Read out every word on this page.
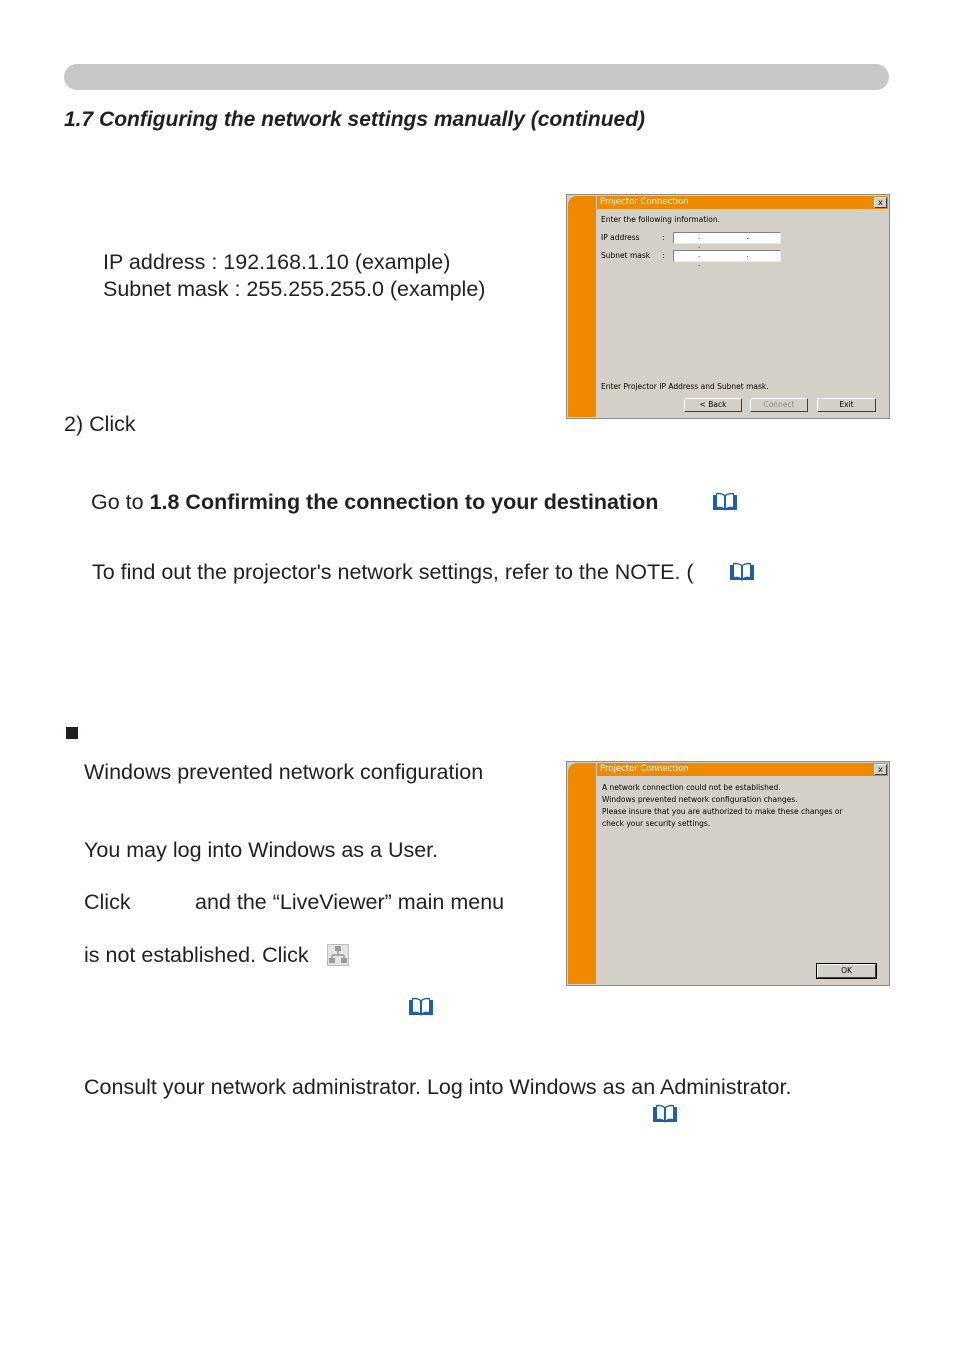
1.7 Configuring the network settings manually (continued)
IP address : 192.168.1.10 (example)
Subnet mask : 255.255.255.0 (example)
2) Click
Projector Connection	x
Enter the following information.
IP address	:	. . .
Subnet mask :	. . .
Enter Projector IP Address and Subnet mask.
< Back	Connect	Exit
Go to 1.8 Confirming the connection to your destination
To find out the projector's network settings, refer to the NOTE. (
Windows prevented network configuration
You may log into Windows as a User.
Click	and the “LiveViewer” main menu
is not established. Click
Projector Connection	x
A network connection could not be established.
Windows prevented network configuration changes.
Please insure that you are authorized to make these changes or
check your security settings.
OK
Consult your network administrator. Log into Windows as an Administrator.
